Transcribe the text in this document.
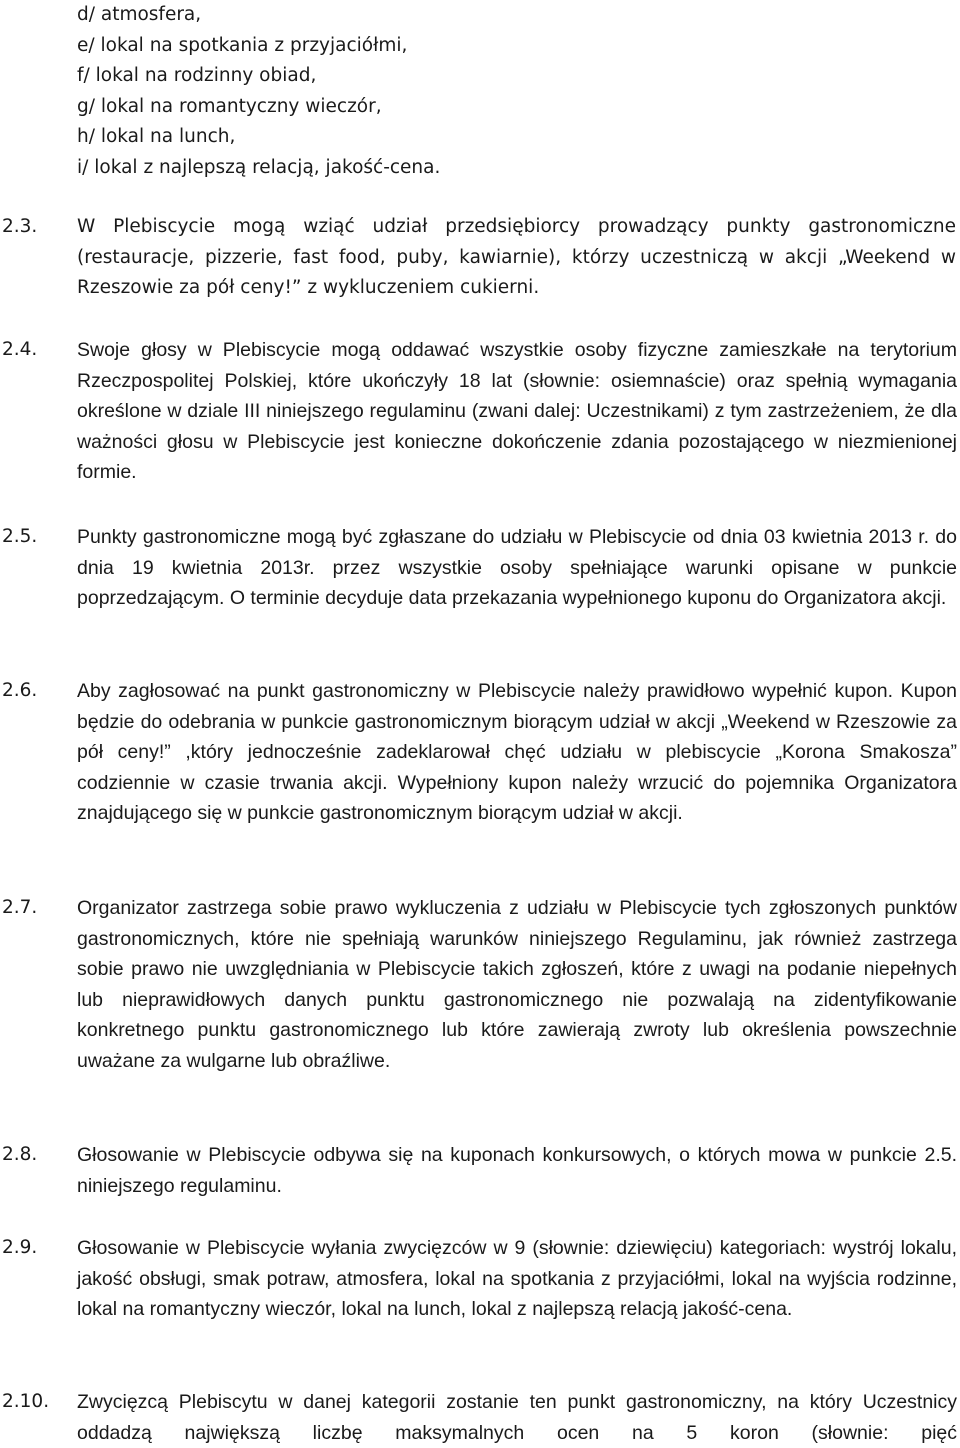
d/ atmosfera,
e/ lokal na spotkania z przyjaciółmi,
f/ lokal na rodzinny obiad,
g/ lokal na romantyczny wieczór,
h/ lokal na lunch,
i/ lokal z najlepszą relacją, jakość-cena.
2.3. W Plebiscycie mogą wziąć udział przedsiębiorcy prowadzący punkty gastronomiczne (restauracje, pizzerie, fast food, puby, kawiarnie), którzy uczestniczą w akcji „Weekend w Rzeszowie za pół ceny!” z wykluczeniem cukierni.

2.4. Swoje głosy w Plebiscycie mogą oddawać wszystkie osoby fizyczne zamieszkałe na terytorium Rzeczpospolitej Polskiej, które ukończyły 18 lat (słownie: osiemnaście) oraz spełnią wymagania określone w dziale III niniejszego regulaminu (zwani dalej: Uczestnikami) z tym zastrzeżeniem, że dla ważności głosu w Plebiscycie jest konieczne dokończenie zdania pozostającego w niezmienionej formie.

2.5. Punkty gastronomiczne mogą być zgłaszane do udziału w Plebiscycie od dnia 03 kwietnia 2013 r. do dnia 19 kwietnia 2013r. przez wszystkie osoby spełniające warunki opisane w punkcie poprzedzającym. O terminie decyduje data przekazania wypełnionego kuponu do Organizatora akcji.

2.6. Aby zagłosować na punkt gastronomiczny w Plebiscycie należy prawidłowo wypełnić kupon. Kupon będzie do odebrania w punkcie gastronomicznym biorącym udział w akcji „Weekend w Rzeszowie za pół ceny!” ,który jednocześnie zadeklarował chęć udziału w plebiscycie „Korona Smakosza” codziennie w czasie trwania akcji. Wypełniony kupon należy wrzucić do pojemnika Organizatora znajdującego się w punkcie gastronomicznym biorącym udział w akcji.

2.7. Organizator zastrzega sobie prawo wykluczenia z udziału w Plebiscycie tych zgłoszonych punktów gastronomicznych, które nie spełniają warunków niniejszego Regulaminu, jak również zastrzega sobie prawo nie uwzględniania w Plebiscycie takich zgłoszeń, które z uwagi na podanie niepełnych lub nieprawidłowych danych punktu gastronomicznego nie pozwalają na zidentyfikowanie konkretnego punktu gastronomicznego lub które zawierają zwroty lub określenia powszechnie uważane za wulgarne lub obraźliwe.

2.8. Głosowanie w Plebiscycie odbywa się na kuponach konkursowych, o których mowa w punkcie 2.5. niniejszego regulaminu.

2.9. Głosowanie w Plebiscycie wyłania zwycięzców w 9 (słownie: dziewięciu) kategoriach: wystrój lokalu, jakość obsługi, smak potraw, atmosfera, lokal na spotkania z przyjaciółmi, lokal na wyjścia rodzinne, lokal na romantyczny wieczór, lokal na lunch, lokal z najlepszą relacją jakość-cena.

2.10. Zwycięzcą Plebiscytu w danej kategorii zostanie ten punkt gastronomiczny, na który Uczestnicy oddadzą największą liczbę maksymalnych ocen na 5 koron (słownie: pięć
